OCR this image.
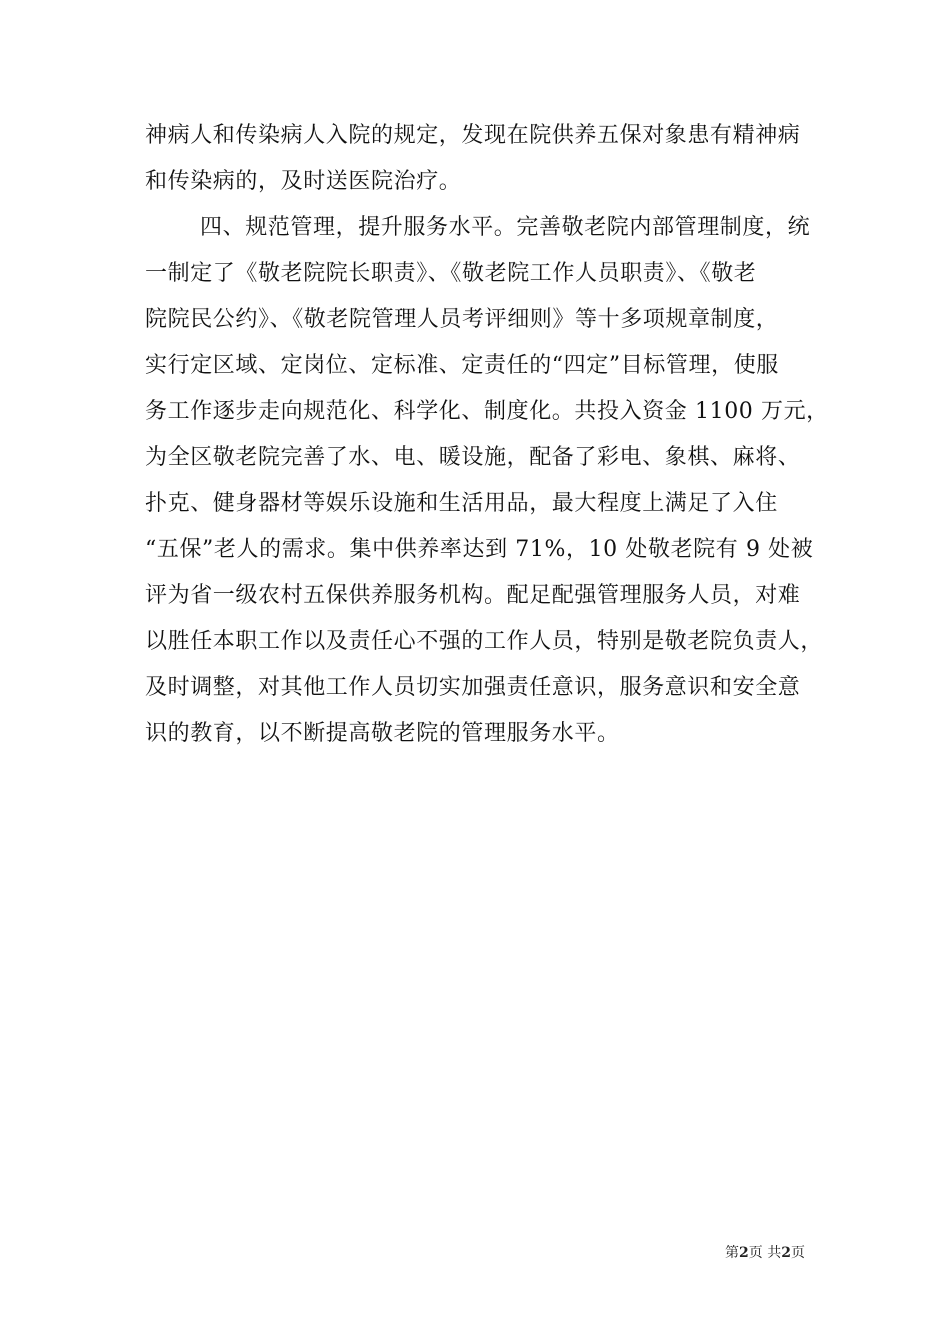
神病人和传染病人入院的规定，发现在院供养五保对象患有精神病
和传染病的，及时送医院治疗。
四、规范管理，提升服务水平。完善敬老院内部管理制度，统
一制定了《敬老院院长职责》、《敬老院工作人员职责》、《敬老
院院民公约》、《敬老院管理人员考评细则》等十多项规章制度，
实行定区域、定岗位、定标准、定责任的“四定”目标管理，使服
务工作逐步走向规范化、科学化、制度化。共投入资金 1100 万元，
为全区敬老院完善了水、电、暖设施，配备了彩电、象棋、麻将、
扑克、健身器材等娱乐设施和生活用品，最大程度上满足了入住
“五保”老人的需求。集中供养率达到 71%，10 处敬老院有 9 处被
评为省一级农村五保供养服务机构。配足配强管理服务人员，对难
以胜任本职工作以及责任心不强的工作人员，特别是敬老院负责人，
及时调整，对其他工作人员切实加强责任意识，服务意识和安全意
识的教育，以不断提高敬老院的管理服务水平。
第2页 共2页
